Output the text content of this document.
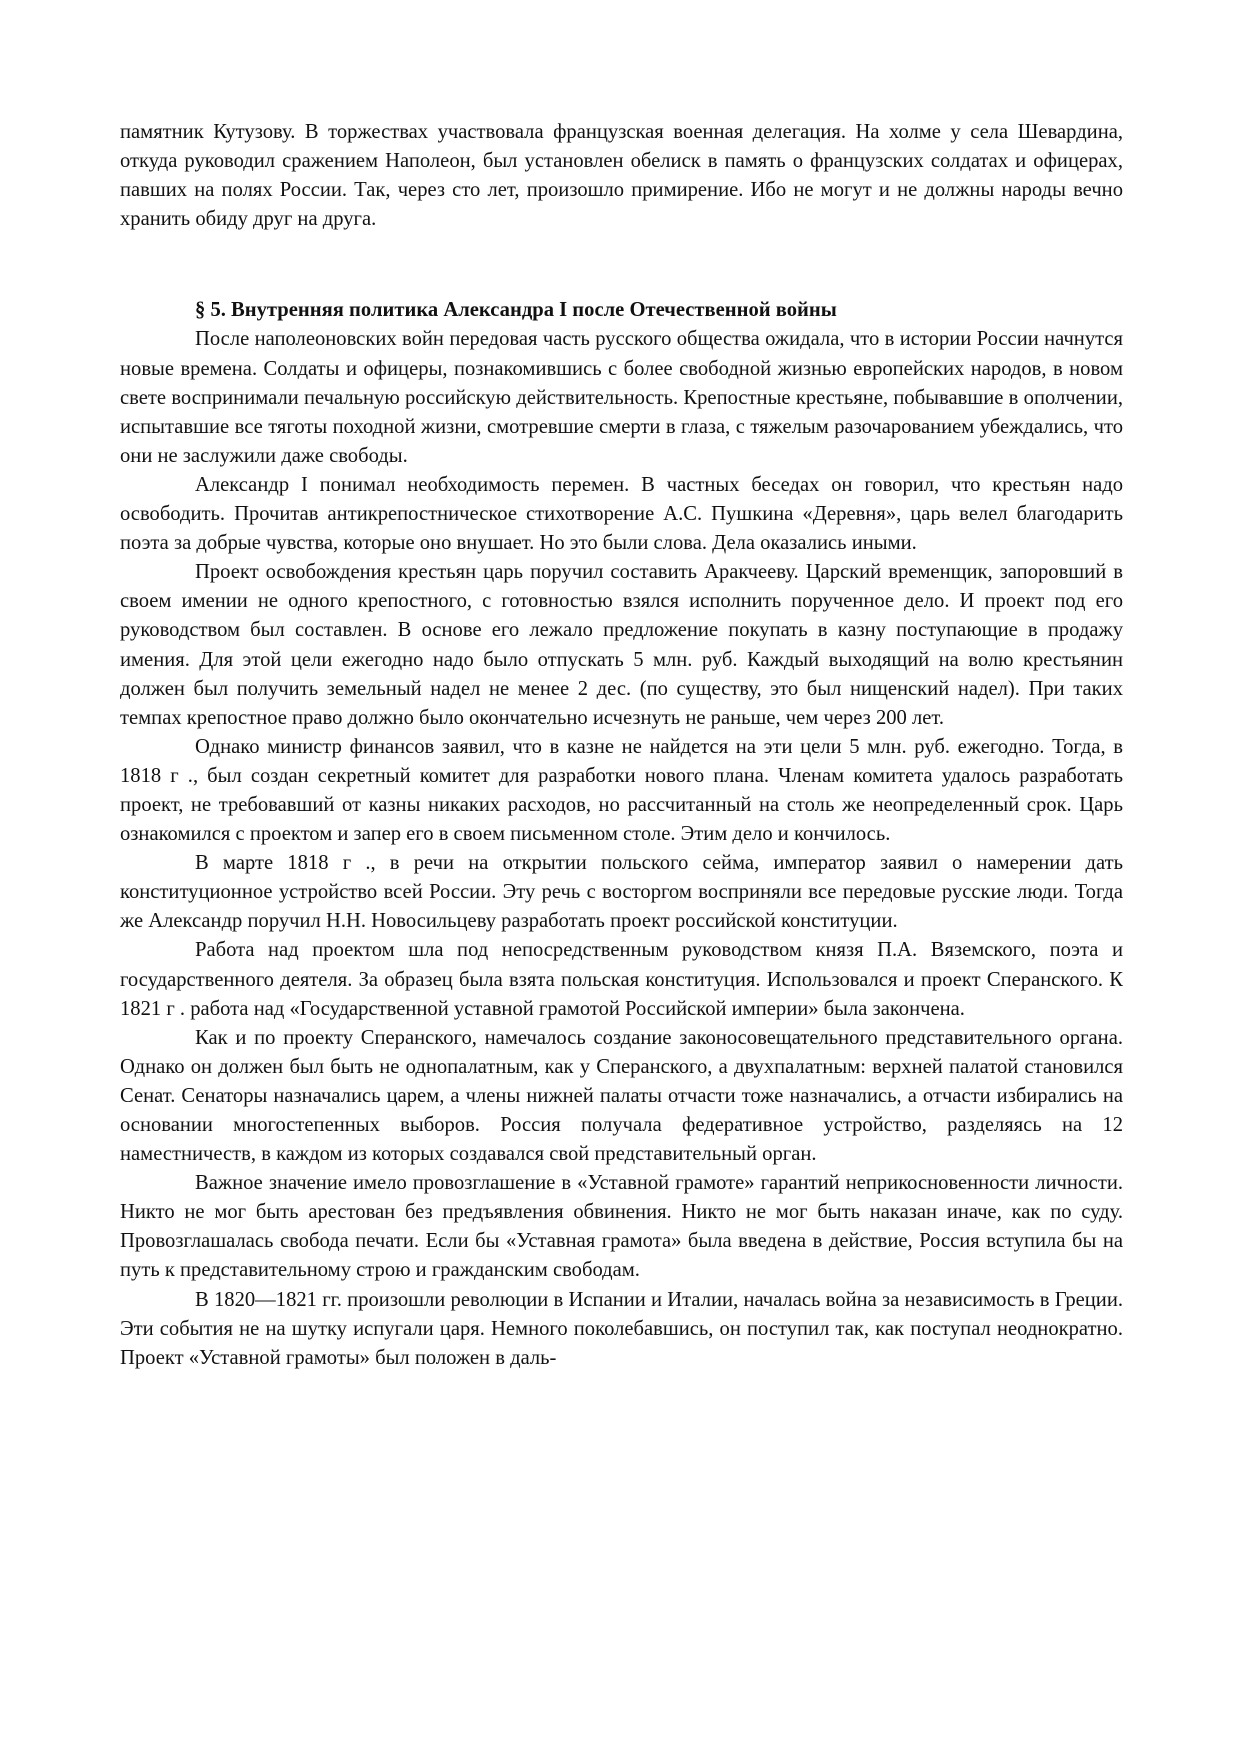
памятник Кутузову. В торжествах участвовала французская военная делегация. На холме у села Шевардина, откуда руководил сражением Наполеон, был установлен обелиск в память о французских солдатах и офицерах, павших на полях России. Так, через сто лет, произошло примирение. Ибо не могут и не должны народы вечно хранить обиду друг на друга.

§ 5. Внутренняя политика Александра I после Отечественной войны

После наполеоновских войн передовая часть русского общества ожидала, что в истории России начнутся новые времена. Солдаты и офицеры, познакомившись с более свободной жизнью европейских народов, в новом свете воспринимали печальную российскую действительность. Крепостные крестьяне, побывавшие в ополчении, испытавшие все тяготы походной жизни, смотревшие смерти в глаза, с тяжелым разочарованием убеждались, что они не заслужили даже свободы.

Александр I понимал необходимость перемен. В частных беседах он говорил, что крестьян надо освободить. Прочитав антикрепостническое стихотворение А.С. Пушкина «Деревня», царь велел благодарить поэта за добрые чувства, которые оно внушает. Но это были слова. Дела оказались иными.

Проект освобождения крестьян царь поручил составить Аракчееву. Царский временщик, запоровший в своем имении не одного крепостного, с готовностью взялся исполнить порученное дело. И проект под его руководством был составлен. В основе его лежало предложение покупать в казну поступающие в продажу имения. Для этой цели ежегодно надо было отпускать 5 млн. руб. Каждый выходящий на волю крестьянин должен был получить земельный надел не менее 2 дес. (по существу, это был нищенский надел). При таких темпах крепостное право должно было окончательно исчезнуть не раньше, чем через 200 лет.

Однако министр финансов заявил, что в казне не найдется на эти цели 5 млн. руб. ежегодно. Тогда, в 1818 г ., был создан секретный комитет для разработки нового плана. Членам комитета удалось разработать проект, не требовавший от казны никаких расходов, но рассчитанный на столь же неопределенный срок. Царь ознакомился с проектом и запер его в своем письменном столе. Этим дело и кончилось.

В марте 1818 г ., в речи на открытии польского сейма, император заявил о намерении дать конституционное устройство всей России. Эту речь с восторгом восприняли все передовые русские люди. Тогда же Александр поручил Н.Н. Новосильцеву разработать проект российской конституции.

Работа над проектом шла под непосредственным руководством князя П.А. Вяземского, поэта и государственного деятеля. За образец была взята польская конституция. Использовался и проект Сперанского. К 1821 г . работа над «Государственной уставной грамотой Российской империи» была закончена.

Как и по проекту Сперанского, намечалось создание законосовещательного представительного органа. Однако он должен был быть не однопалатным, как у Сперанского, а двухпалатным: верхней палатой становился Сенат. Сенаторы назначались царем, а члены нижней палаты отчасти тоже назначались, а отчасти избирались на основании многостепенных выборов. Россия получала федеративное устройство, разделяясь на 12 наместничеств, в каждом из которых создавался свой представительный орган.

Важное значение имело провозглашение в «Уставной грамоте» гарантий неприкосновенности личности. Никто не мог быть арестован без предъявления обвинения. Никто не мог быть наказан иначе, как по суду. Провозглашалась свобода печати. Если бы «Уставная грамота» была введена в действие, Россия вступила бы на путь к представительному строю и гражданским свободам.

В 1820—1821 гг. произошли революции в Испании и Италии, началась война за независимость в Греции. Эти события не на шутку испугали царя. Немного поколебавшись, он поступил так, как поступал неоднократно. Проект «Уставной грамоты» был положен в даль-
